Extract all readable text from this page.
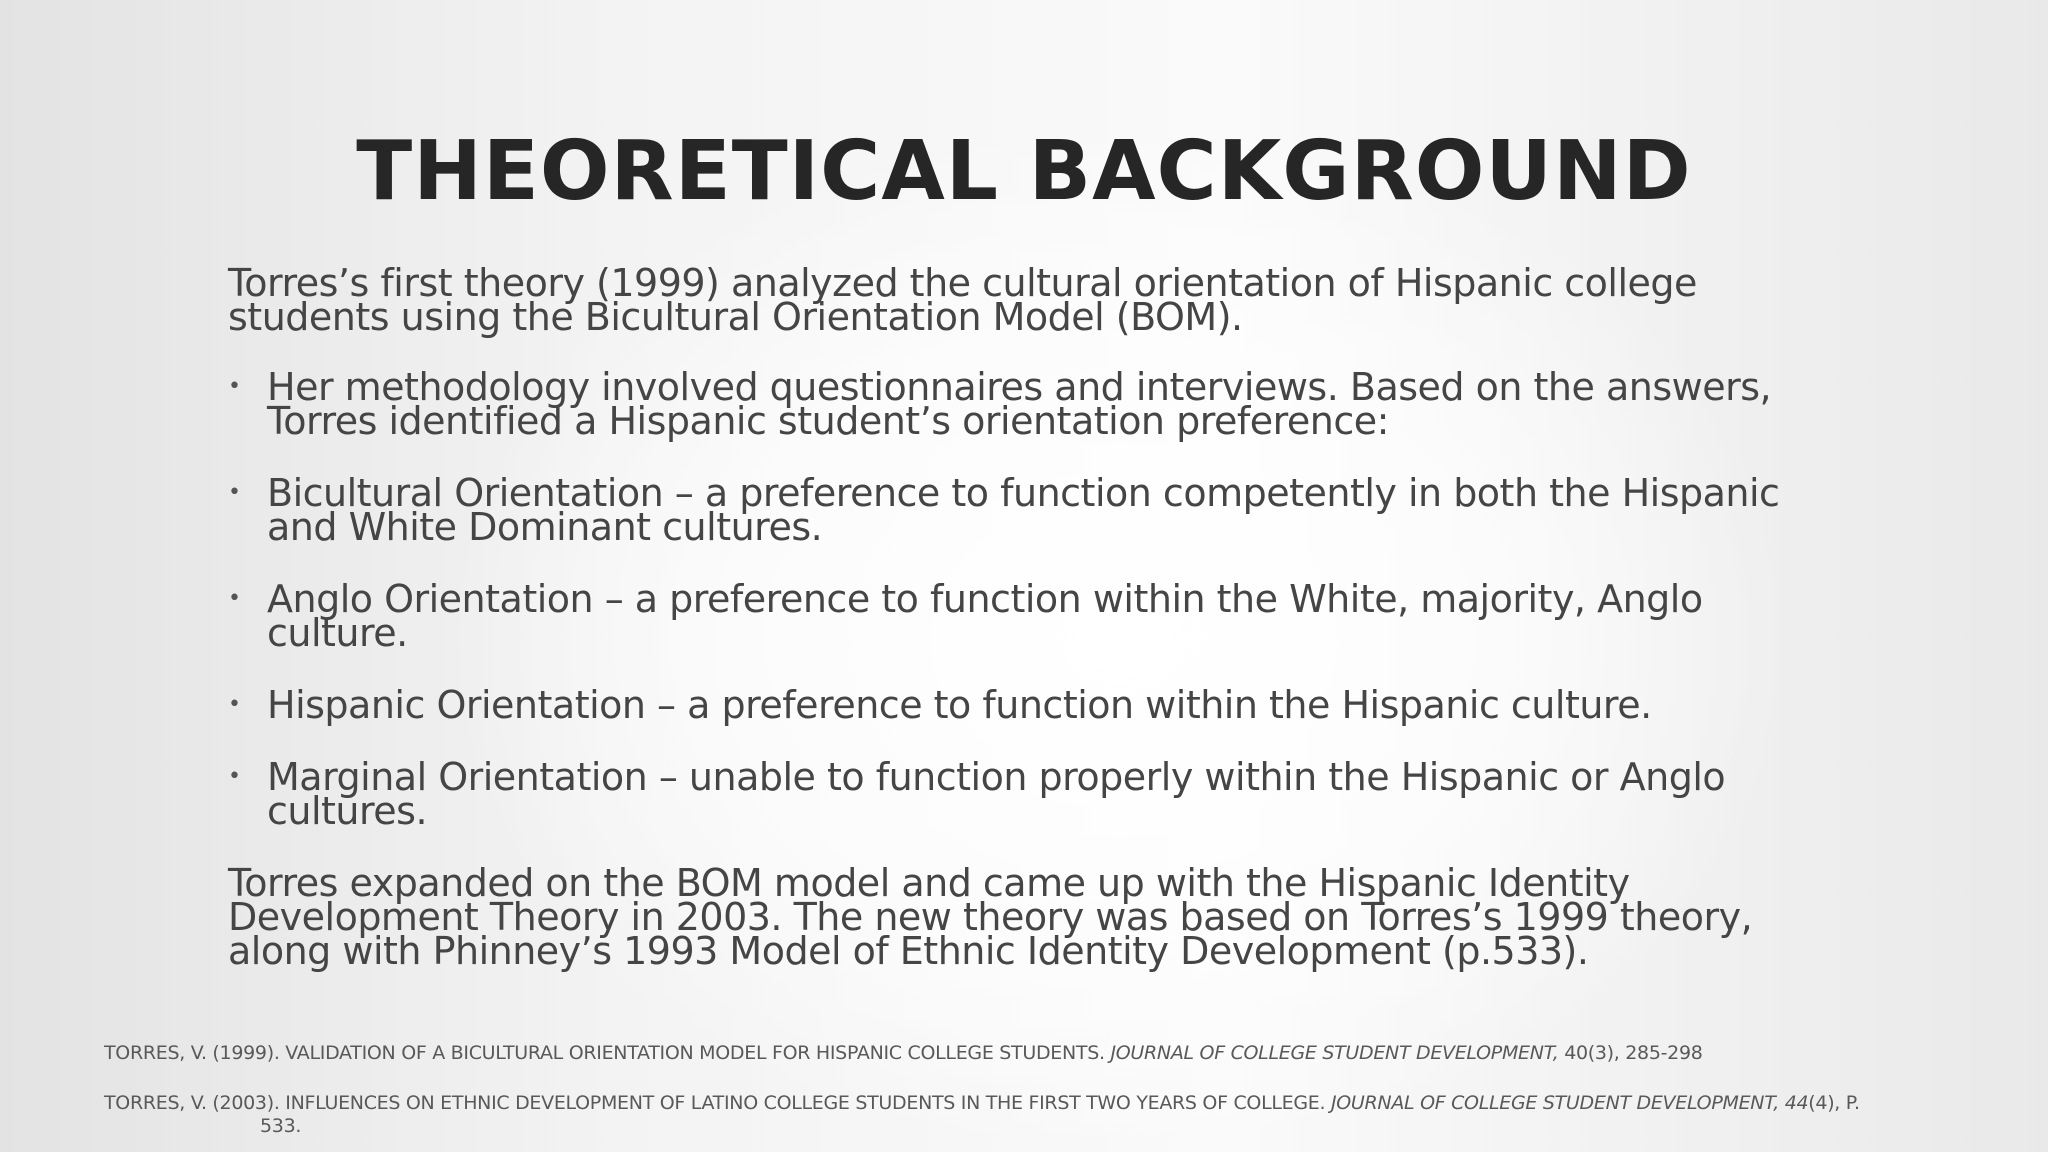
THEORETICAL BACKGROUND

Torres’s first theory (1999) analyzed the cultural orientation of Hispanic college students using the Bicultural Orientation Model (BOM).

• Her methodology involved questionnaires and interviews. Based on the answers, Torres identified a Hispanic student’s orientation preference:
• Bicultural Orientation – a preference to function competently in both the Hispanic and White Dominant cultures.
• Anglo Orientation – a preference to function within the White, majority, Anglo culture.
• Hispanic Orientation – a preference to function within the Hispanic culture.
• Marginal Orientation – unable to function properly within the Hispanic or Anglo cultures.

Torres expanded on the BOM model and came up with the Hispanic Identity Development Theory in 2003. The new theory was based on Torres’s 1999 theory, along with Phinney’s 1993 Model of Ethnic Identity Development (p.533).

TORRES, V. (1999). VALIDATION OF A BICULTURAL ORIENTATION MODEL FOR HISPANIC COLLEGE STUDENTS. JOURNAL OF COLLEGE STUDENT DEVELOPMENT, 40(3), 285-298

TORRES, V. (2003). INFLUENCES ON ETHNIC DEVELOPMENT OF LATINO COLLEGE STUDENTS IN THE FIRST TWO YEARS OF COLLEGE. JOURNAL OF COLLEGE STUDENT DEVELOPMENT, 44(4), P.
533.
